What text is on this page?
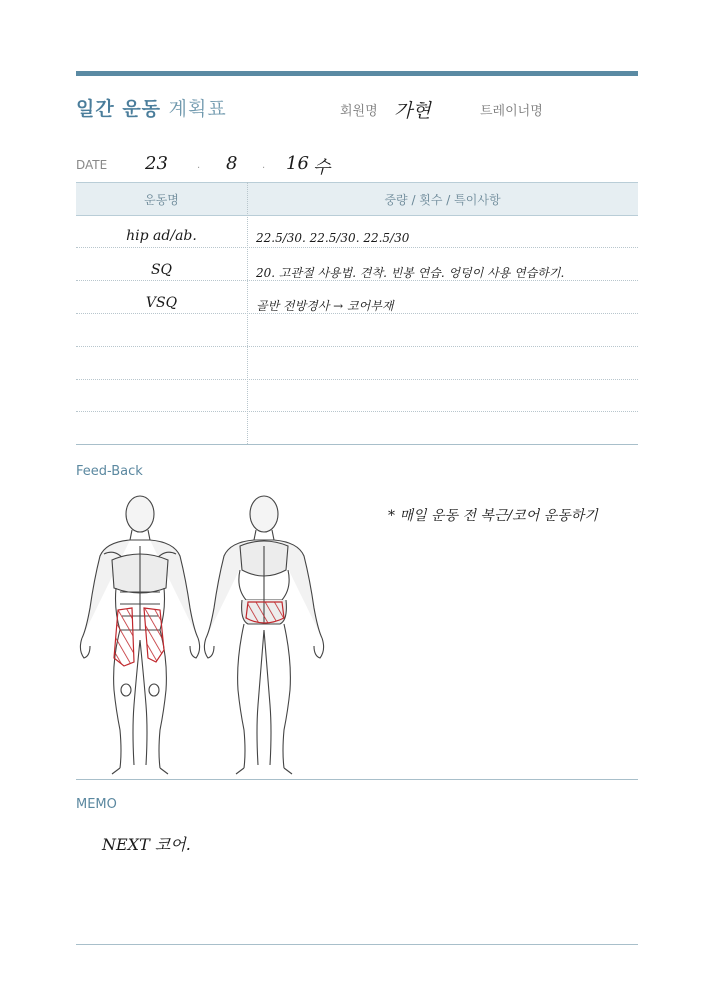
일간 운동 계획표	회원명 가현	트레이너명
DATE 23	. 8 . 16 수
운동명	중량 / 횟수 / 특이사항
hip ad/ab.	22.5/30. 22.5/30. 22.5/30
SQ	20. 고관절 사용법. 견착. 빈봉 연습. 엉덩이 사용 연습하기.
VSQ	골반 전방경사 → 코어부재
Feed-Back
* 매일 운동 전 복근/코어 운동하기
MEMO
NEXT 코어.
